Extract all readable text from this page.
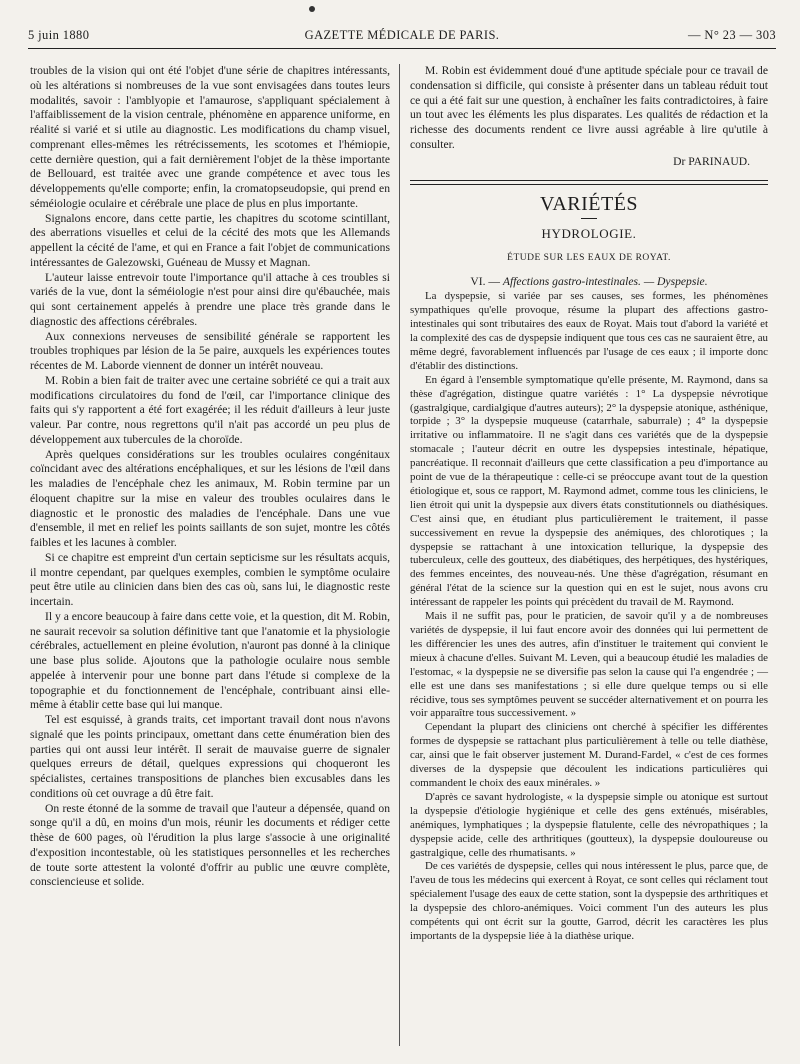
5 juin 1880	GAZETTE MÉDICALE DE PARIS.	— N° 23 — 303

troubles de la vision qui ont été l'objet d'une série de chapitres intéressants, où les altérations si nombreuses de la vue sont envisagées dans toutes leurs modalités, savoir : l'amblyopie et l'amaurose, s'appliquant spécialement à l'affaiblissement de la vision centrale, phénomène en apparence uniforme, en réalité si varié et si utile au diagnostic. Les modifications du champ visuel, comprenant elles-mêmes les rétrécissements, les scotomes et l'hémiopie, cette dernière question, qui a fait dernièrement l'objet de la thèse importante de Bellouard, est traitée avec une grande compétence et avec tous les développements qu'elle comporte; enfin, la cromatopseudopsie, qui prend en séméiologie oculaire et cérébrale une place de plus en plus importante.

Signalons encore, dans cette partie, les chapitres du scotome scintillant, des aberrations visuelles et celui de la cécité des mots que les Allemands appellent la cécité de l'ame, et qui en France a fait l'objet de communications intéressantes de Galezowski, Guéneau de Mussy et Magnan.

L'auteur laisse entrevoir toute l'importance qu'il attache à ces troubles si variés de la vue, dont la séméiologie n'est pour ainsi dire qu'ébauchée, mais qui sont certainement appelés à prendre une place très grande dans le diagnostic des affections cérébrales.

Aux connexions nerveuses de sensibilité générale se rapportent les troubles trophiques par lésion de la 5e paire, auxquels les expériences toutes récentes de M. Laborde viennent de donner un intérêt nouveau.

M. Robin a bien fait de traiter avec une certaine sobriété ce qui a trait aux modifications circulatoires du fond de l'œil, car l'importance clinique des faits qui s'y rapportent a été fort exagérée; il les réduit d'ailleurs à leur juste valeur. Par contre, nous regrettons qu'il n'ait pas accordé un peu plus de développement aux tubercules de la choroïde.

Après quelques considérations sur les troubles oculaires congénitaux coïncidant avec des altérations encéphaliques, et sur les lésions de l'œil dans les maladies de l'encéphale chez les animaux, M. Robin termine par un éloquent chapitre sur la mise en valeur des troubles oculaires dans le diagnostic et le pronostic des maladies de l'encéphale. Dans une vue d'ensemble, il met en relief les points saillants de son sujet, montre les côtés faibles et les lacunes à combler.

Si ce chapitre est empreint d'un certain septicisme sur les résultats acquis, il montre cependant, par quelques exemples, combien le symptôme oculaire peut être utile au clinicien dans bien des cas où, sans lui, le diagnostic reste incertain.

Il y a encore beaucoup à faire dans cette voie, et la question, dit M. Robin, ne saurait recevoir sa solution définitive tant que l'anatomie et la physiologie cérébrales, actuellement en pleine évolution, n'auront pas donné à la clinique une base plus solide. Ajoutons que la pathologie oculaire nous semble appelée à intervenir pour une bonne part dans l'étude si complexe de la topographie et du fonctionnement de l'encéphale, contribuant ainsi elle-même à établir cette base qui lui manque.

Tel est esquissé, à grands traits, cet important travail dont nous n'avons signalé que les points principaux, omettant dans cette énumération bien des parties qui ont aussi leur intérêt. Il serait de mauvaise guerre de signaler quelques erreurs de détail, quelques expressions qui choqueront les spécialistes, certaines transpositions de planches bien excusables dans les conditions où cet ouvrage a dû être fait.

On reste étonné de la somme de travail que l'auteur a dépensée, quand on songe qu'il a dû, en moins d'un mois, réunir les documents et rédiger cette thèse de 600 pages, où l'érudition la plus large s'associe à une originalité d'exposition incontestable, où les statistiques personnelles et les recherches de toute sorte attestent la volonté d'offrir au public une œuvre complète, consciencieuse et solide.

M. Robin est évidemment doué d'une aptitude spéciale pour ce travail de condensation si difficile, qui consiste à présenter dans un tableau réduit tout ce qui a été fait sur une question, à enchaîner les faits contradictoires, à faire un tout avec les éléments les plus disparates. Les qualités de rédaction et la richesse des documents rendent ce livre aussi agréable à lire qu'utile à consulter.

Dr PARINAUD.
VARIÉTÉS
HYDROLOGIE.
ÉTUDE SUR LES EAUX DE ROYAT.
VI. — Affections gastro-intestinales. — Dyspepsie.

La dyspepsie, si variée par ses causes, ses formes, les phénomènes sympathiques qu'elle provoque, résume la plupart des affections gastro-intestinales qui sont tributaires des eaux de Royat. Mais tout d'abord la variété et la complexité des cas de dyspepsie indiquent que tous ces cas ne sauraient être, au même degré, favorablement influencés par l'usage de ces eaux ; il importe donc d'établir des distinctions.

En égard à l'ensemble symptomatique qu'elle présente, M. Raymond, dans sa thèse d'agrégation, distingue quatre variétés : 1° La dyspepsie névrotique (gastralgique, cardialgique d'autres auteurs); 2° la dyspepsie atonique, asthénique, torpide ; 3° la dyspepsie muqueuse (catarrhale, saburrale) ; 4° la dyspepsie irritative ou inflammatoire. Il ne s'agit dans ces variétés que de la dyspepsie stomacale ; l'auteur décrit en outre les dyspepsies intestinale, hépatique, pancréatique. Il reconnait d'ailleurs que cette classification a peu d'importance au point de vue de la thérapeutique : celle-ci se préoccupe avant tout de la question étiologique et, sous ce rapport, M. Raymond admet, comme tous les cliniciens, le lien étroit qui unit la dyspepsie aux divers états constitutionnels ou diathésiques. C'est ainsi que, en étudiant plus particulièrement le traitement, il passe successivement en revue la dyspepsie des anémiques, des chlorotiques ; la dyspepsie se rattachant à une intoxication tellurique, la dyspepsie des tuberculeux, celle des goutteux, des diabétiques, des herpétiques, des hystériques, des femmes enceintes, des nouveau-nés. Une thèse d'agrégation, résumant en général l'état de la science sur la question qui en est le sujet, nous avons cru intéressant de rappeler les points qui précèdent du travail de M. Raymond.

Mais il ne suffit pas, pour le praticien, de savoir qu'il y a de nombreuses variétés de dyspepsie, il lui faut encore avoir des données qui lui permettent de les différencier les unes des autres, afin d'instituer le traitement qui convient le mieux à chacune d'elles. Suivant M. Leven, qui a beaucoup étudié les maladies de l'estomac, « la dyspepsie ne se diversifie pas selon la cause qui l'a engendrée ; — elle est une dans ses manifestations ; si elle dure quelque temps ou si elle récidive, tous ses symptômes peuvent se succéder alternativement et on pourra les voir apparaître tous successivement. »

Cependant la plupart des cliniciens ont cherché à spécifier les différentes formes de dyspepsie se rattachant plus particulièrement à telle ou telle diathèse, car, ainsi que le fait observer justement M. Durand-Fardel, « c'est de ces formes diverses de la dyspepsie que découlent les indications particulières qui commandent le choix des eaux minérales. »

D'après ce savant hydrologiste, « la dyspepsie simple ou atonique est surtout la dyspepsie d'étiologie hygiénique et celle des gens exténués, misérables, anémiques, lymphatiques ; la dyspepsie flatulente, celle des névropathiques ; la dyspepsie acide, celle des arthritiques (goutteux), la dyspepsie douloureuse ou gastralgique, celle des rhumatisants. »

De ces variétés de dyspepsie, celles qui nous intéressent le plus, parce que, de l'aveu de tous les médecins qui exercent à Royat, ce sont celles qui réclament tout spécialement l'usage des eaux de cette station, sont la dyspepsie des arthritiques et la dyspepsie des chloro-anémiques. Voici comment l'un des auteurs les plus compétents qui ont écrit sur la goutte, Garrod, décrit les caractères les plus importants de la dyspepsie liée à la diathèse urique.
